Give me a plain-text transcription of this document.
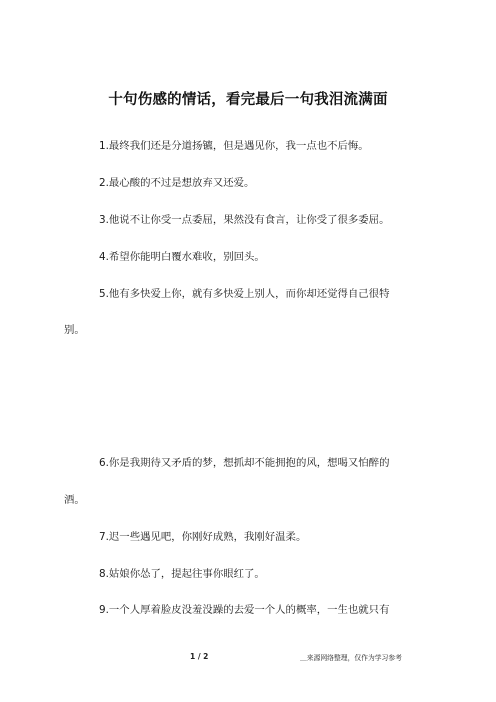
十句伤感的情话，看完最后一句我泪流满面
1.最终我们还是分道扬镳，但是遇见你，我一点也不后悔。
2.最心酸的不过是想放弃又还爱。
3.他说不让你受一点委屈，果然没有食言，让你受了很多委屈。
4.希望你能明白覆水难收，别回头。
5.他有多快爱上你，就有多快爱上别人，而你却还觉得自己很特
别。
6.你是我期待又矛盾的梦，想抓却不能拥抱的风，想喝又怕醉的
酒。
7.迟一些遇见吧，你刚好成熟，我刚好温柔。
8.姑娘你怂了，提起往事你眼红了。
9.一个人厚着脸皮没羞没躁的去爱一个人的概率，一生也就只有
1 / 2	＿来源网络整理，仅作为学习参考
